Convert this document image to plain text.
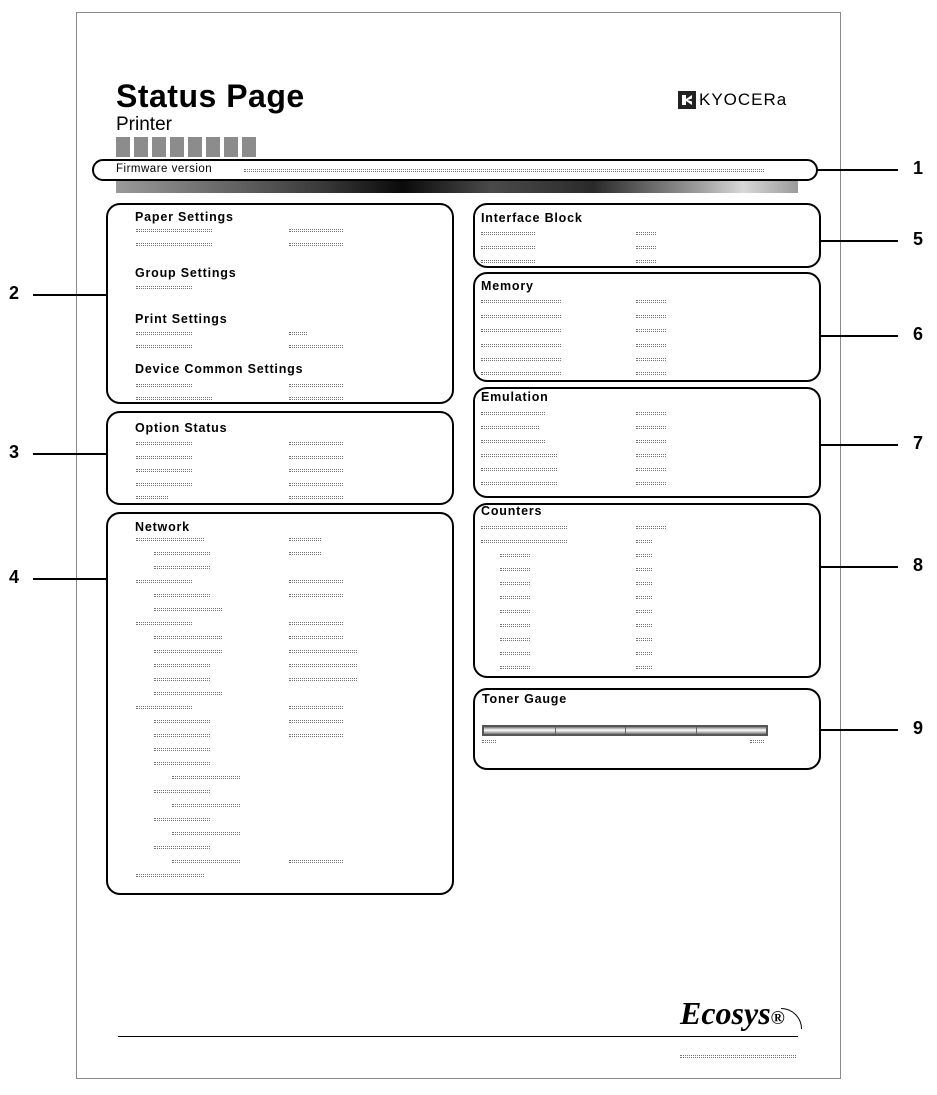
Status Page
Printer
KYOCERa
Firmware version
Paper Settings
Group Settings
Print Settings
Device Common Settings
Option Status
Network
Interface Block
Memory
Emulation
Counters
Toner Gauge
1
2
3
4
5
6
7
8
9
Ecosys®
